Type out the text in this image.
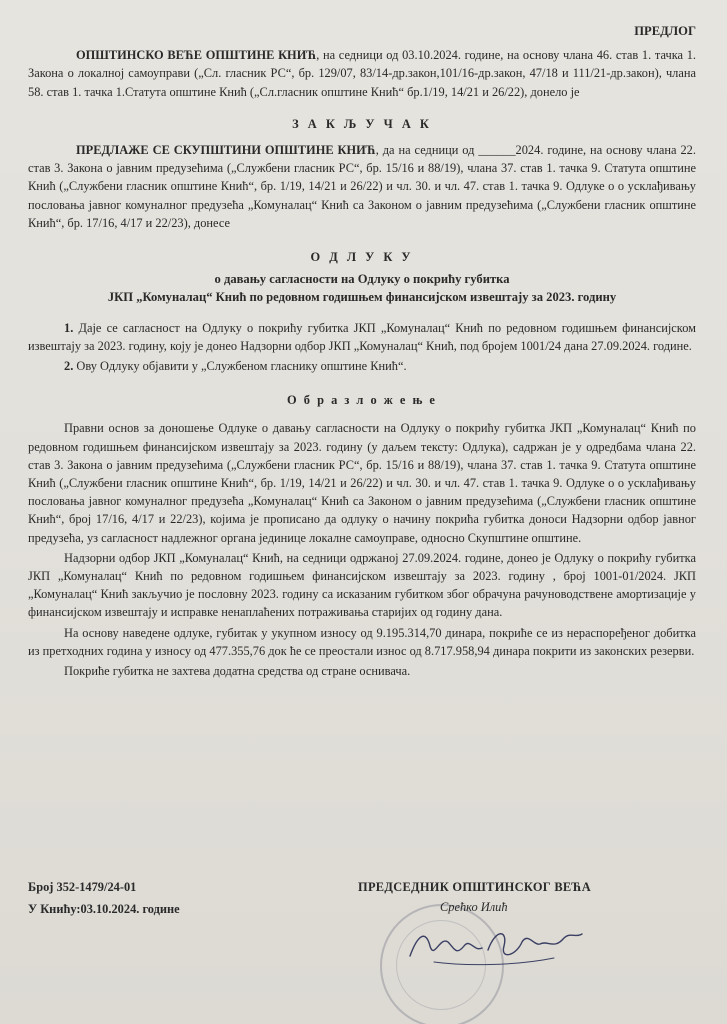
ПРЕДЛОГ

ОПШТИНСКО ВЕЋЕ ОПШТИНЕ КНИЋ, на седници од 03.10.2024. године, на основу члана 46. став 1. тачка 1. Закона о локалној самоуправи („Сл. гласник РС“, бр. 129/07, 83/14-др.закон,101/16-др.закон, 47/18 и 111/21-др.закон), члана 58. став 1. тачка 1.Статута општине Кнић („Сл.гласник општине Кнић“ бр.1/19, 14/21 и 26/22), донело је

З А К Љ У Ч А К

ПРЕДЛАЖЕ СЕ СКУПШТИНИ ОПШТИНЕ КНИЋ, да на седници од ______2024. године, на основу члана 22. став 3. Закона о јавним предузећима („Службени гласник РС“, бр. 15/16 и 88/19), члана 37. став 1. тачка 9. Статута општине Кнић („Службени гласник општине Кнић“, бр. 1/19, 14/21 и 26/22) и чл. 30. и чл. 47. став 1. тачка 9. Одлуке о о усклађивању пословања јавног комуналног предузећа „Комуналац“ Кнић са Законом о јавним предузећима („Службени гласник општине Кнић“, бр. 17/16, 4/17 и 22/23), донесе

О Д Л У К У
о давању сагласности на Одлуку о покрићу губитка
ЈКП „Комуналац“ Кнић по редовном годишњем финансијском извештају за 2023. годину

1. Даје се сагласност на Одлуку о покрићу губитка ЈКП „Комуналац“ Кнић по редовном годишњем финансијском извештају за 2023. годину, коју је донео Надзорни одбор ЈКП „Комуналац“ Кнић, под бројем 1001/24 дана 27.09.2024. године.

2. Ову Одлуку објавити у „Службеном гласнику општине Кнић“.

О б р а з л о ж е њ е

Правни основ за доношење Одлуке о давању сагласности на Одлуку о покрићу губитка ЈКП „Комуналац“ Кнић по редовном годишњем финансијском извештају за 2023. годину (у даљем тексту: Одлука), садржан је у одредбама члана 22. став 3. Закона о јавним предузећима („Службени гласник РС“, бр. 15/16 и 88/19), члана 37. став 1. тачка 9. Статута општине Кнић („Службени гласник општине Кнић“, бр. 1/19, 14/21 и 26/22) и чл. 30. и чл. 47. став 1. тачка 9. Одлуке о о усклађивању пословања јавног комуналног предузећа „Комуналац“ Кнић са Законом о јавним предузећима („Службени гласник општине Кнић“, број 17/16, 4/17 и 22/23), којима је прописано да одлуку о начину покрића губитка доноси Надзорни одбор јавног предузећа, уз сагласност надлежног органа јединице локалне самоуправе, односно Скупштине општине.

Надзорни одбор ЈКП „Комуналац“ Кнић, на седници одржаној 27.09.2024. године, донео је Одлуку о покрићу губитка ЈКП „Комуналац“ Кнић по редовном годишњем финансијском извештају за 2023. годину , број 1001-01/2024. ЈКП „Комуналац“ Кнић закључио је пословну 2023. годину са исказаним губитком због обрачуна рачуноводствене амортизације у финансијском извештају и исправке ненаплаћених потраживања старијих од годину дана.

На основу наведене одлуке, губитак у укупном износу од 9.195.314,70 динара, покриће се из нераспоређеног добитка из претходних година у износу од 477.355,76 док ће се преостали износ од 8.717.958,94 динара покрити из законских резерви.

Покриће губитка не захтева додатна средства од стране оснивача.

Број 352-1479/24-01
У Книћу:03.10.2024. године
ПРЕДСЕДНИК ОПШТИНСКОГ ВЕЋА
Срећко Илић
